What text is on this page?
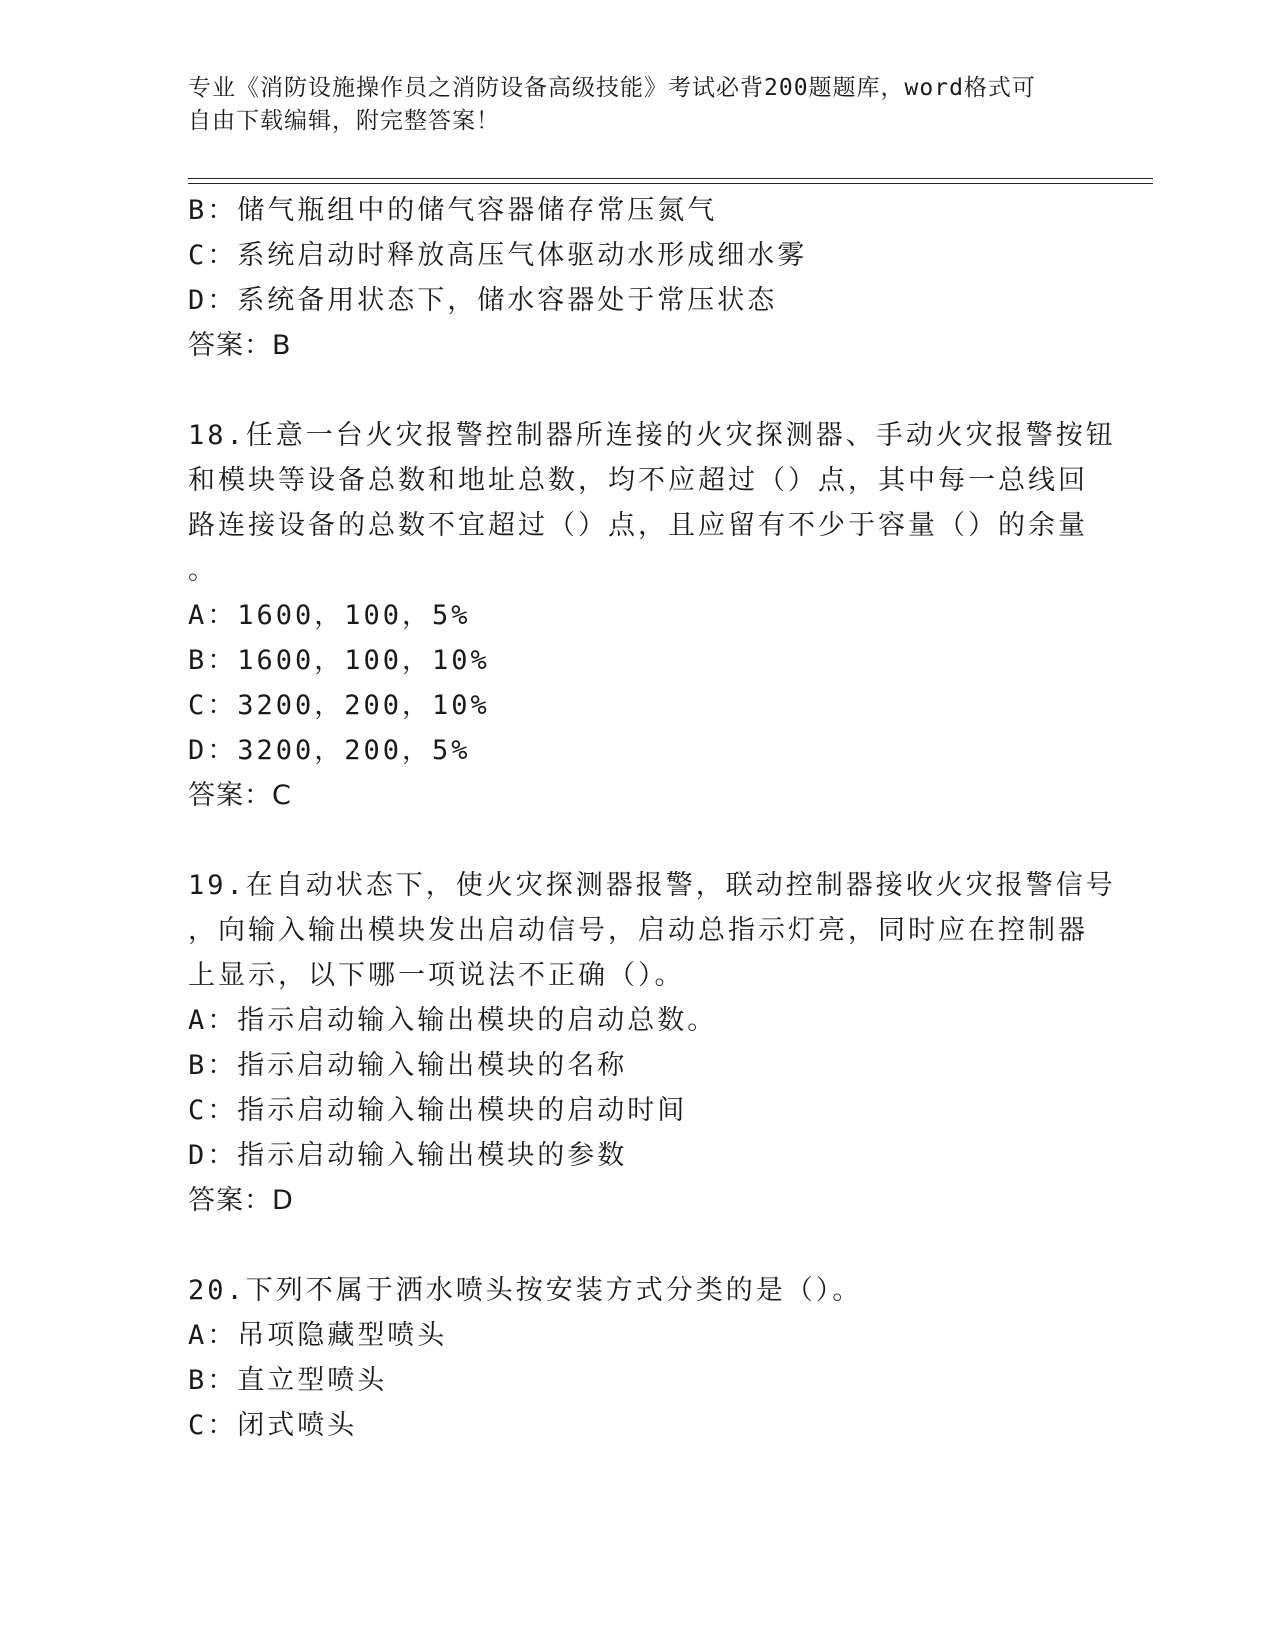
专业《消防设施操作员之消防设备高级技能》考试必背200题题库，word格式可
自由下载编辑，附完整答案！
B：储气瓶组中的储气容器储存常压氮气
C：系统启动时释放高压气体驱动水形成细水雾
D：系统备用状态下，储水容器处于常压状态
答案：B
18.任意一台火灾报警控制器所连接的火灾探测器、手动火灾报警按钮
和模块等设备总数和地址总数，均不应超过（）点，其中每一总线回
路连接设备的总数不宜超过（）点，且应留有不少于容量（）的余量
。
A：1600，100，5%
B：1600，100，10%
C：3200，200，10%
D：3200，200，5%
答案：C
19.在自动状态下，使火灾探测器报警，联动控制器接收火灾报警信号
，向输入输出模块发出启动信号，启动总指示灯亮，同时应在控制器
上显示，以下哪一项说法不正确（）。
A：指示启动输入输出模块的启动总数。
B：指示启动输入输出模块的名称
C：指示启动输入输出模块的启动时间
D：指示启动输入输出模块的参数
答案：D
20.下列不属于洒水喷头按安装方式分类的是（）。
A：吊项隐藏型喷头
B：直立型喷头
C：闭式喷头
